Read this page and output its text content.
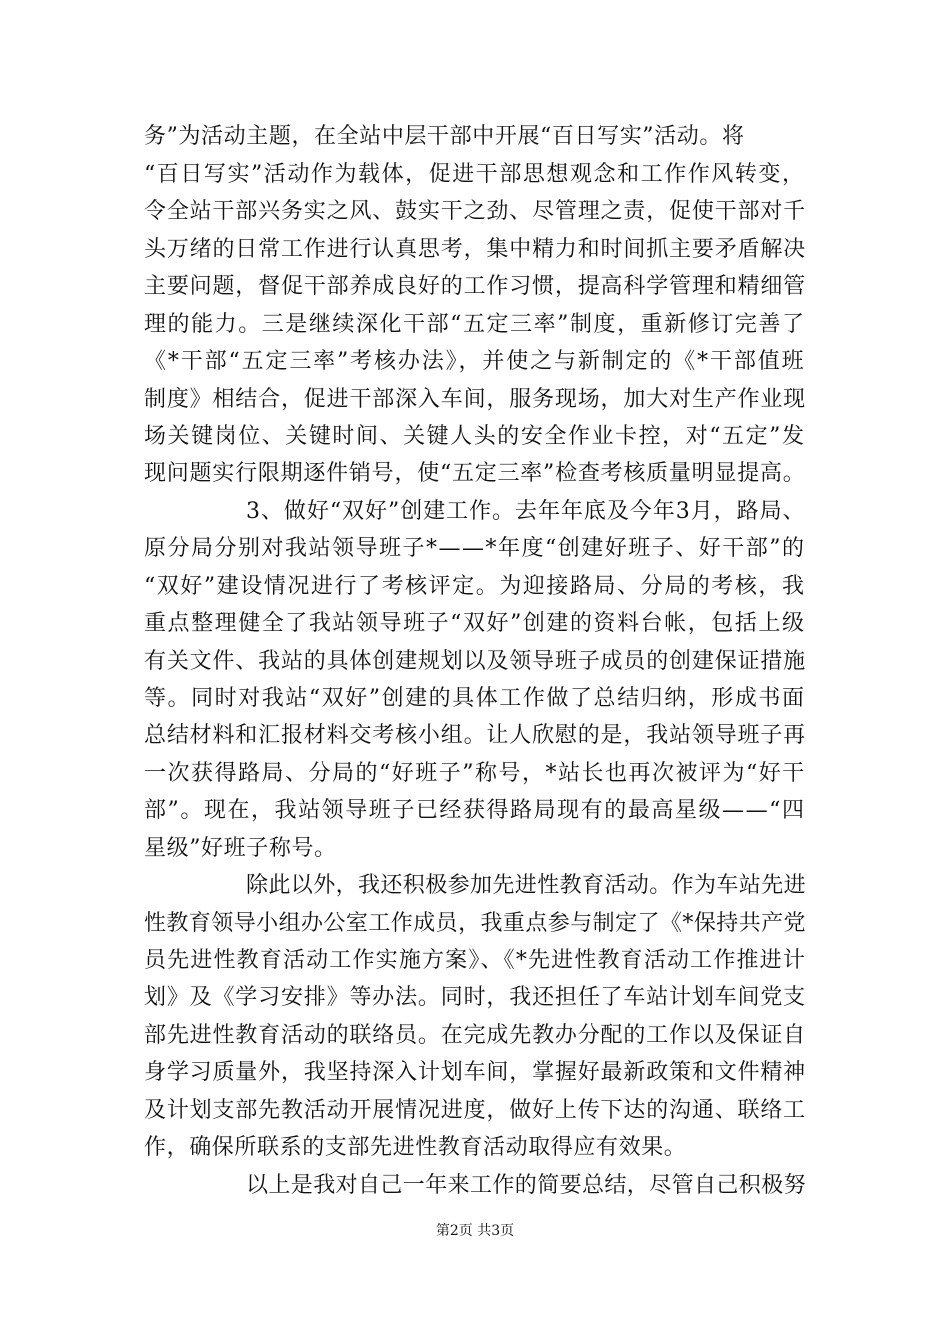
务”为活动主题，在全站中层干部中开展“百日写实”活动。将
“百日写实”活动作为载体，促进干部思想观念和工作作风转变，
令全站干部兴务实之风、鼓实干之劲、尽管理之责，促使干部对千
头万绪的日常工作进行认真思考，集中精力和时间抓主要矛盾解决
主要问题，督促干部养成良好的工作习惯，提高科学管理和精细管
理的能力。三是继续深化干部“五定三率”制度，重新修订完善了
《*干部“五定三率”考核办法》，并使之与新制定的《*干部值班
制度》相结合，促进干部深入车间，服务现场，加大对生产作业现
场关键岗位、关键时间、关键人头的安全作业卡控，对“五定”发
现问题实行限期逐件销号，使“五定三率”检查考核质量明显提高。
3、做好“双好”创建工作。去年年底及今年3月，路局、
原分局分别对我站领导班子*——*年度“创建好班子、好干部”的
“双好”建设情况进行了考核评定。为迎接路局、分局的考核，我
重点整理健全了我站领导班子“双好”创建的资料台帐，包括上级
有关文件、我站的具体创建规划以及领导班子成员的创建保证措施
等。同时对我站“双好”创建的具体工作做了总结归纳，形成书面
总结材料和汇报材料交考核小组。让人欣慰的是，我站领导班子再
一次获得路局、分局的“好班子”称号，*站长也再次被评为“好干
部”。现在，我站领导班子已经获得路局现有的最高星级——“四
星级”好班子称号。
除此以外，我还积极参加先进性教育活动。作为车站先进
性教育领导小组办公室工作成员，我重点参与制定了《*保持共产党
员先进性教育活动工作实施方案》、《*先进性教育活动工作推进计
划》及《学习安排》等办法。同时，我还担任了车站计划车间党支
部先进性教育活动的联络员。在完成先教办分配的工作以及保证自
身学习质量外，我坚持深入计划车间，掌握好最新政策和文件精神
及计划支部先教活动开展情况进度，做好上传下达的沟通、联络工
作，确保所联系的支部先进性教育活动取得应有效果。
以上是我对自己一年来工作的简要总结，尽管自己积极努
第2页 共3页
